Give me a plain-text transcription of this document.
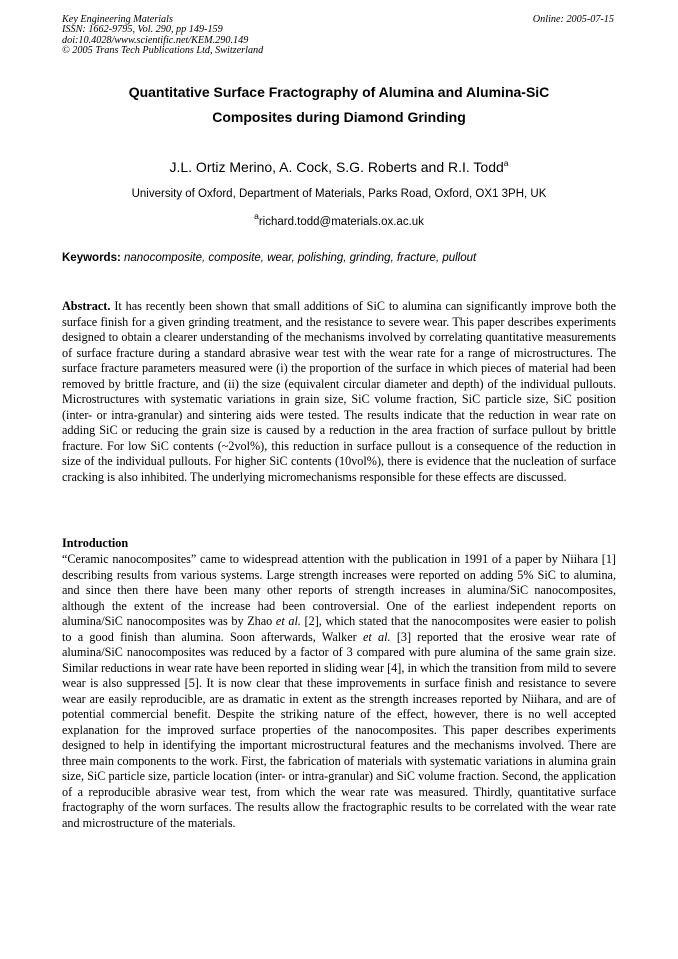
Key Engineering Materials
ISSN: 1662-9795, Vol. 290, pp 149-159
doi:10.4028/www.scientific.net/KEM.290.149
© 2005 Trans Tech Publications Ltd, Switzerland
Online: 2005-07-15
Quantitative Surface Fractography of Alumina and Alumina-SiC
Composites during Diamond Grinding
J.L. Ortiz Merino, A. Cock, S.G. Roberts and R.I. Todd$^a$
University of Oxford, Department of Materials, Parks Road, Oxford, OX1 3PH, UK
$^a$richard.todd@materials.ox.ac.uk
Keywords: nanocomposite, composite, wear, polishing, grinding, fracture, pullout
Abstract. It has recently been shown that small additions of SiC to alumina can significantly improve both the surface finish for a given grinding treatment, and the resistance to severe wear. This paper describes experiments designed to obtain a clearer understanding of the mechanisms involved by correlating quantitative measurements of surface fracture during a standard abrasive wear test with the wear rate for a range of microstructures. The surface fracture parameters measured were (i) the proportion of the surface in which pieces of material had been removed by brittle fracture, and (ii) the size (equivalent circular diameter and depth) of the individual pullouts. Microstructures with systematic variations in grain size, SiC volume fraction, SiC particle size, SiC position (inter- or intra-granular) and sintering aids were tested. The results indicate that the reduction in wear rate on adding SiC or reducing the grain size is caused by a reduction in the area fraction of surface pullout by brittle fracture. For low SiC contents (~2vol%), this reduction in surface pullout is a consequence of the reduction in size of the individual pullouts. For higher SiC contents (10vol%), there is evidence that the nucleation of surface cracking is also inhibited. The underlying micromechanisms responsible for these effects are discussed.
Introduction
“Ceramic nanocomposites” came to widespread attention with the publication in 1991 of a paper by Niihara [1] describing results from various systems. Large strength increases were reported on adding 5% SiC to alumina, and since then there have been many other reports of strength increases in alumina/SiC nanocomposites, although the extent of the increase had been controversial. One of the earliest independent reports on alumina/SiC nanocomposites was by Zhao et al. [2], which stated that the nanocomposites were easier to polish to a good finish than alumina. Soon afterwards, Walker et al. [3] reported that the erosive wear rate of alumina/SiC nanocomposites was reduced by a factor of 3 compared with pure alumina of the same grain size. Similar reductions in wear rate have been reported in sliding wear [4], in which the transition from mild to severe wear is also suppressed [5]. It is now clear that these improvements in surface finish and resistance to severe wear are easily reproducible, are as dramatic in extent as the strength increases reported by Niihara, and are of potential commercial benefit. Despite the striking nature of the effect, however, there is no well accepted explanation for the improved surface properties of the nanocomposites. This paper describes experiments designed to help in identifying the important microstructural features and the mechanisms involved. There are three main components to the work. First, the fabrication of materials with systematic variations in alumina grain size, SiC particle size, particle location (inter- or intra-granular) and SiC volume fraction. Second, the application of a reproducible abrasive wear test, from which the wear rate was measured. Thirdly, quantitative surface fractography of the worn surfaces. The results allow the fractographic results to be correlated with the wear rate and microstructure of the materials.
